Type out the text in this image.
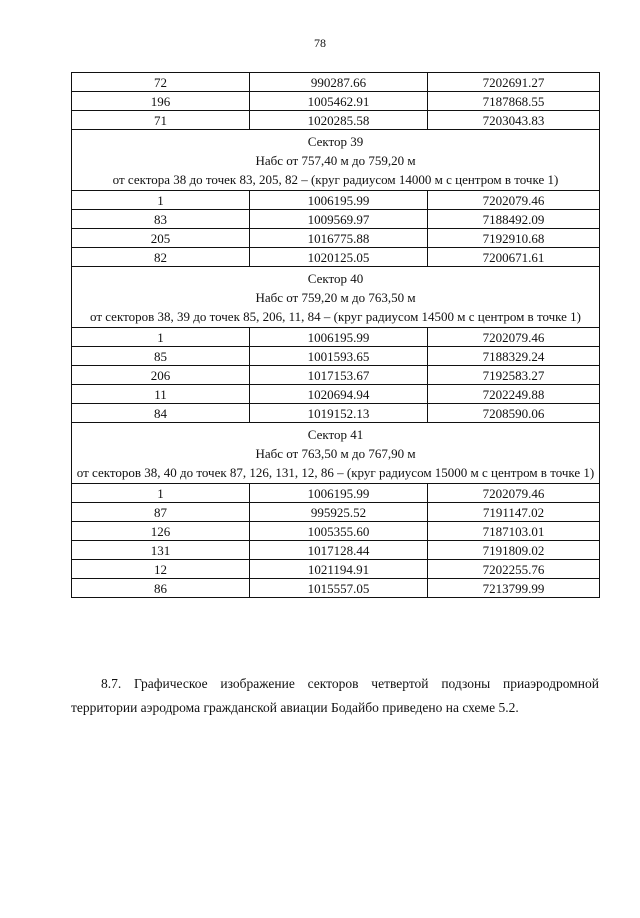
78
72	990287.66	7202691.27
196	1005462.91	7187868.55
71	1020285.58	7203043.83

Сектор 39
Набс от 757,40 м до 759,20 м
от сектора 38 до точек 83, 205, 82 – (круг радиусом 14000 м с центром в точке 1)		

1	1006195.99	7202079.46
83	1009569.97	7188492.09
205	1016775.88	7192910.68
82	1020125.05	7200671.61

Сектор 40
Набс от 759,20 м до 763,50 м
от секторов 38, 39 до точек 85, 206, 11, 84 – (круг радиусом 14500 м с центром в точке 1)		

1	1006195.99	7202079.46
85	1001593.65	7188329.24
206	1017153.67	7192583.27
11	1020694.94	7202249.88
84	1019152.13	7208590.06

Сектор 41
Набс от 763,50 м до 767,90 м
от секторов 38, 40 до точек 87, 126, 131, 12, 86 – (круг радиусом 15000 м с центром в точке 1)		

1	1006195.99	7202079.46
87	995925.52	7191147.02
126	1005355.60	7187103.01
131	1017128.44	7191809.02
12	1021194.91	7202255.76
86	1015557.05	7213799.99
8.7. Графическое изображение секторов четвертой подзоны приаэродромной территории аэродрома гражданской авиации Бодайбо приведено на схеме 5.2.
